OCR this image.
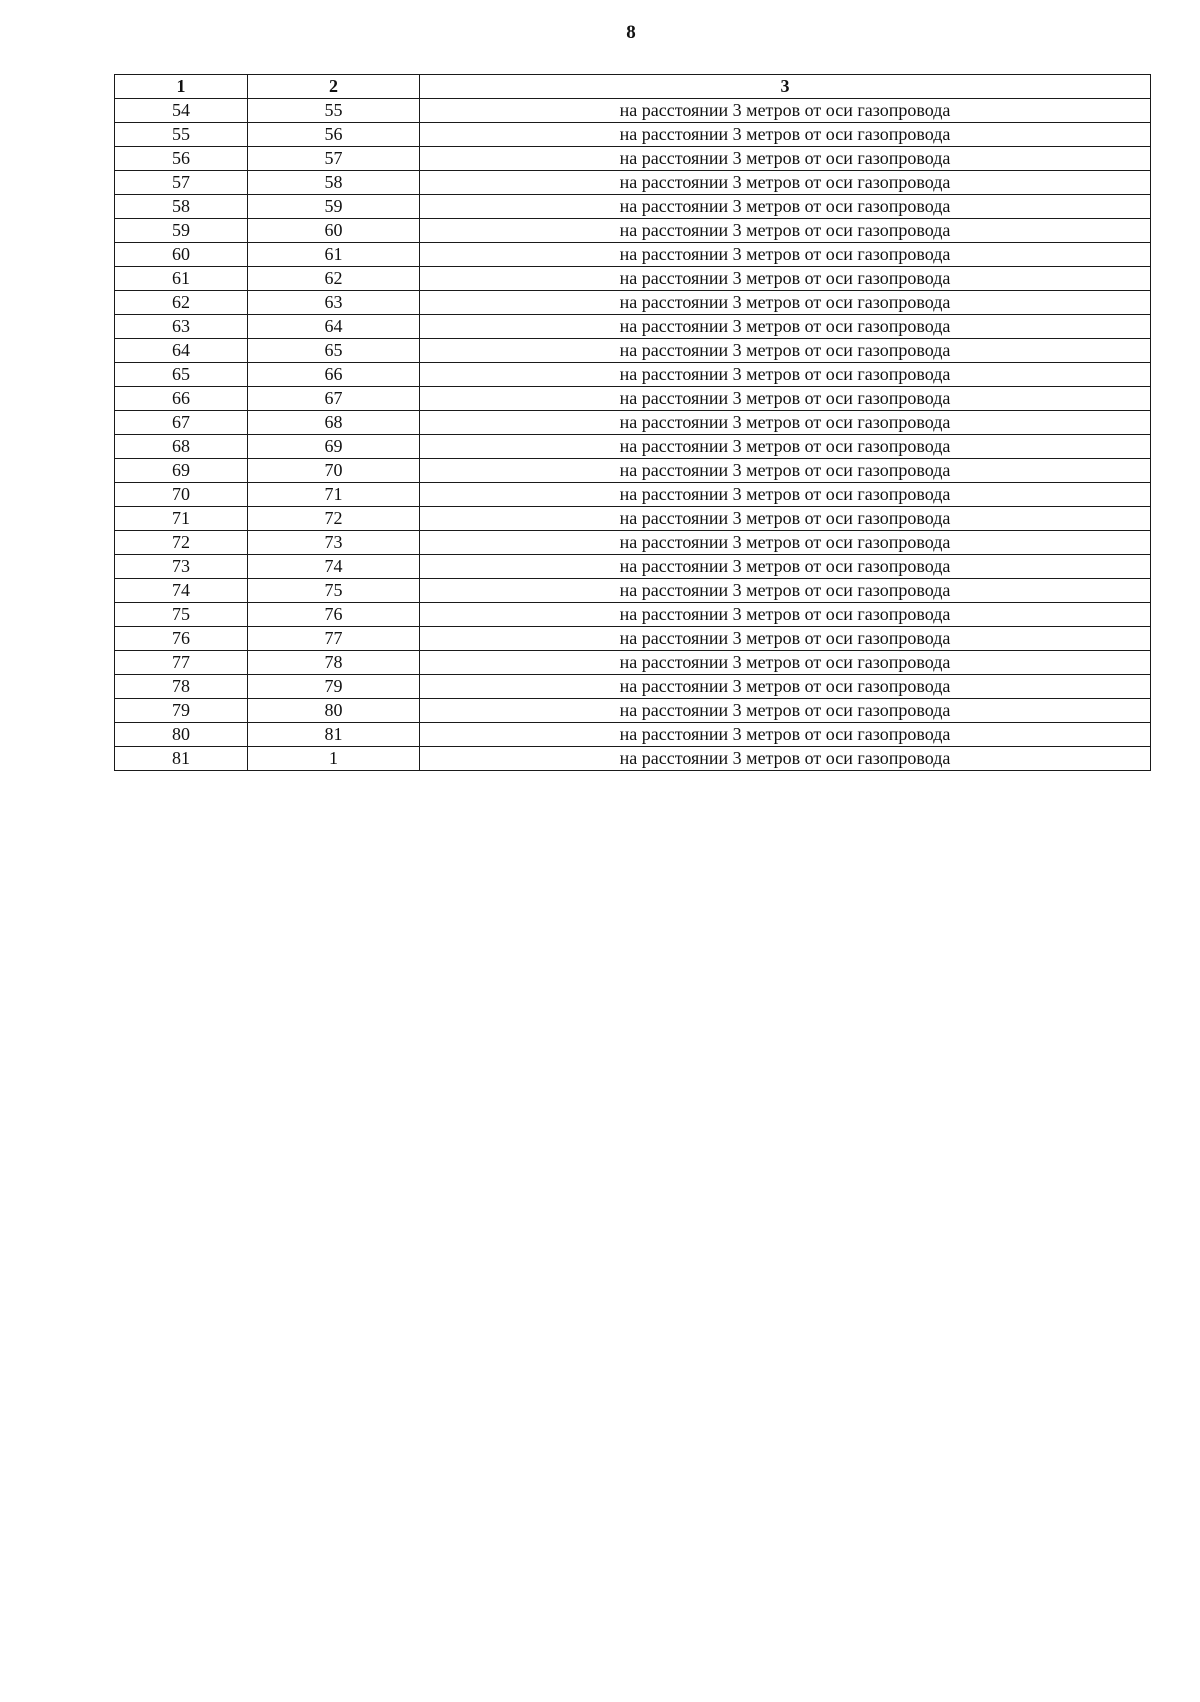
8
1	2	3
54	55	на расстоянии 3 метров от оси газопровода
55	56	на расстоянии 3 метров от оси газопровода
56	57	на расстоянии 3 метров от оси газопровода
57	58	на расстоянии 3 метров от оси газопровода
58	59	на расстоянии 3 метров от оси газопровода
59	60	на расстоянии 3 метров от оси газопровода
60	61	на расстоянии 3 метров от оси газопровода
61	62	на расстоянии 3 метров от оси газопровода
62	63	на расстоянии 3 метров от оси газопровода
63	64	на расстоянии 3 метров от оси газопровода
64	65	на расстоянии 3 метров от оси газопровода
65	66	на расстоянии 3 метров от оси газопровода
66	67	на расстоянии 3 метров от оси газопровода
67	68	на расстоянии 3 метров от оси газопровода
68	69	на расстоянии 3 метров от оси газопровода
69	70	на расстоянии 3 метров от оси газопровода
70	71	на расстоянии 3 метров от оси газопровода
71	72	на расстоянии 3 метров от оси газопровода
72	73	на расстоянии 3 метров от оси газопровода
73	74	на расстоянии 3 метров от оси газопровода
74	75	на расстоянии 3 метров от оси газопровода
75	76	на расстоянии 3 метров от оси газопровода
76	77	на расстоянии 3 метров от оси газопровода
77	78	на расстоянии 3 метров от оси газопровода
78	79	на расстоянии 3 метров от оси газопровода
79	80	на расстоянии 3 метров от оси газопровода
80	81	на расстоянии 3 метров от оси газопровода
81	1	на расстоянии 3 метров от оси газопровода
